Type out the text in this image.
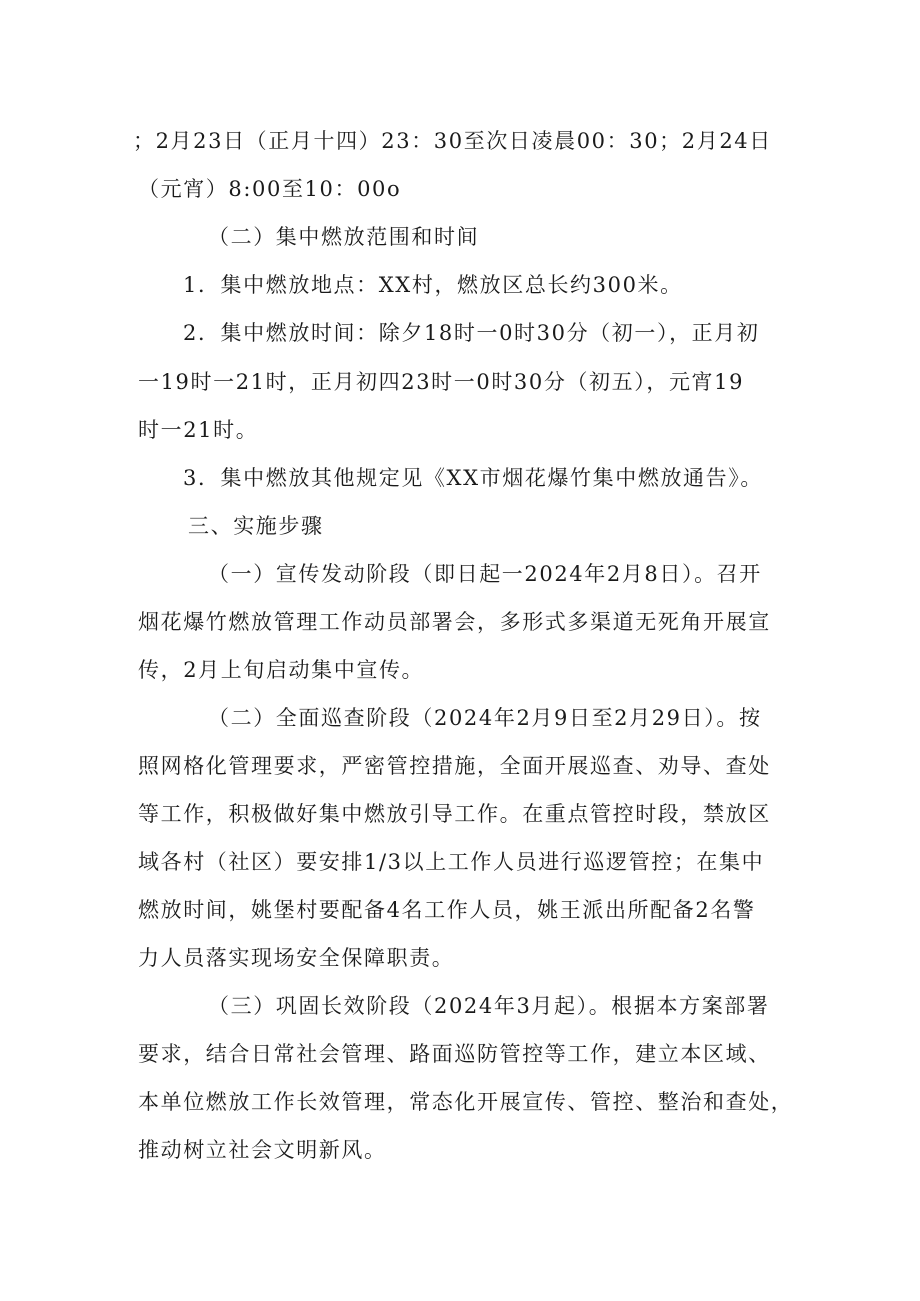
；2月23日（正月十四）23：30至次日凌晨00：30；2月24日
（元宵）8:00至10：00o
（二）集中燃放范围和时间
1．集中燃放地点：XX村，燃放区总长约300米。
2．集中燃放时间：除夕18时一0时30分（初一），正月初
一19时一21时，正月初四23时一0时30分（初五），元宵19
时一21时。
3．集中燃放其他规定见《XX市烟花爆竹集中燃放通告》。
三、实施步骤
（一）宣传发动阶段（即日起一2024年2月8日）。召开
烟花爆竹燃放管理工作动员部署会，多形式多渠道无死角开展宣
传，2月上旬启动集中宣传。
（二）全面巡查阶段（2024年2月9日至2月29日）。按
照网格化管理要求，严密管控措施，全面开展巡查、劝导、查处
等工作，积极做好集中燃放引导工作。在重点管控时段，禁放区
域各村（社区）要安排1/3以上工作人员进行巡逻管控；在集中
燃放时间，姚堡村要配备4名工作人员，姚王派出所配备2名警
力人员落实现场安全保障职责。
（三）巩固长效阶段（2024年3月起）。根据本方案部署
要求，结合日常社会管理、路面巡防管控等工作，建立本区域、
本单位燃放工作长效管理，常态化开展宣传、管控、整治和查处，
推动树立社会文明新风。
